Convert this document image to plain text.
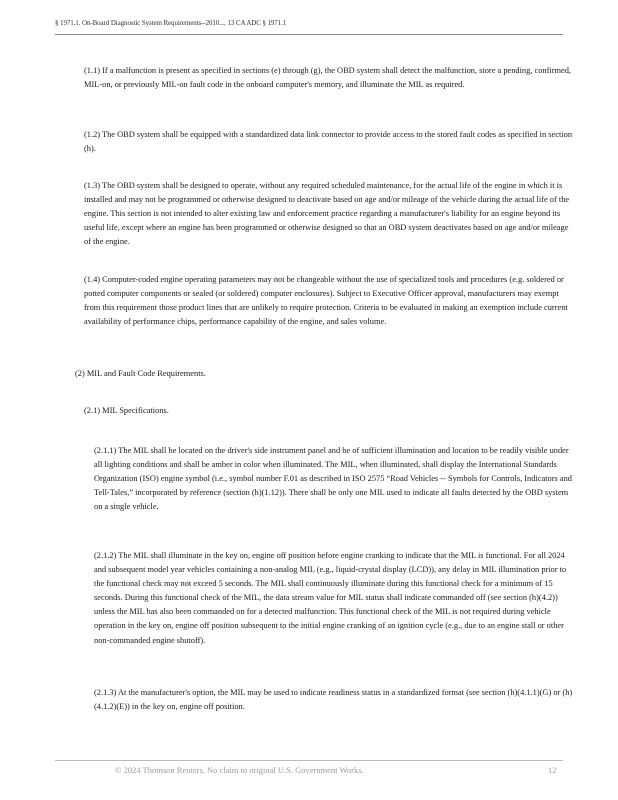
§ 1971.1. On-Board Diagnostic System Requirements--2010..., 13 CA ADC § 1971.1

(1.1) If a malfunction is present as specified in sections (e) through (g), the OBD system shall detect the malfunction, store a pending, confirmed, MIL-on, or previously MIL-on fault code in the onboard computer's memory, and illuminate the MIL as required.

(1.2) The OBD system shall be equipped with a standardized data link connector to provide access to the stored fault codes as specified in section (h).

(1.3) The OBD system shall be designed to operate, without any required scheduled maintenance, for the actual life of the engine in which it is installed and may not be programmed or otherwise designed to deactivate based on age and/or mileage of the vehicle during the actual life of the engine. This section is not intended to alter existing law and enforcement practice regarding a manufacturer's liability for an engine beyond its useful life, except where an engine has been programmed or otherwise designed so that an OBD system deactivates based on age and/or mileage of the engine.

(1.4) Computer-coded engine operating parameters may not be changeable without the use of specialized tools and procedures (e.g. soldered or potted computer components or sealed (or soldered) computer enclosures). Subject to Executive Officer approval, manufacturers may exempt from this requirement those product lines that are unlikely to require protection. Criteria to be evaluated in making an exemption include current availability of performance chips, performance capability of the engine, and sales volume.

(2) MIL and Fault Code Requirements.

(2.1) MIL Specifications.

(2.1.1) The MIL shall be located on the driver's side instrument panel and be of sufficient illumination and location to be readily visible under all lighting conditions and shall be amber in color when illuminated. The MIL, when illuminated, shall display the International Standards Organization (ISO) engine symbol (i.e., symbol number F.01 as described in ISO 2575 “Road Vehicles -- Symbols for Controls, Indicators and Tell-Tales,” incorporated by reference (section (h)(1.12)). There shall be only one MIL used to indicate all faults detected by the OBD system on a single vehicle.

(2.1.2) The MIL shall illuminate in the key on, engine off position before engine cranking to indicate that the MIL is functional. For all 2024 and subsequent model year vehicles containing a non-analog MIL (e.g., liquid-crystal display (LCD)), any delay in MIL illumination prior to the functional check may not exceed 5 seconds. The MIL shall continuously illuminate during this functional check for a minimum of 15 seconds. During this functional check of the MIL, the data stream value for MIL status shall indicate commanded off (see section (h)(4.2)) unless the MIL has also been commanded on for a detected malfunction. This functional check of the MIL is not required during vehicle operation in the key on, engine off position subsequent to the initial engine cranking of an ignition cycle (e.g., due to an engine stall or other non-commanded engine shutoff).

(2.1.3) At the manufacturer's option, the MIL may be used to indicate readiness status in a standardized format (see section (h)(4.1.1)(G) or (h)(4.1.2)(E)) in the key on, engine off position.

© 2024 Thomson Reuters. No claim to original U.S. Government Works.	12
